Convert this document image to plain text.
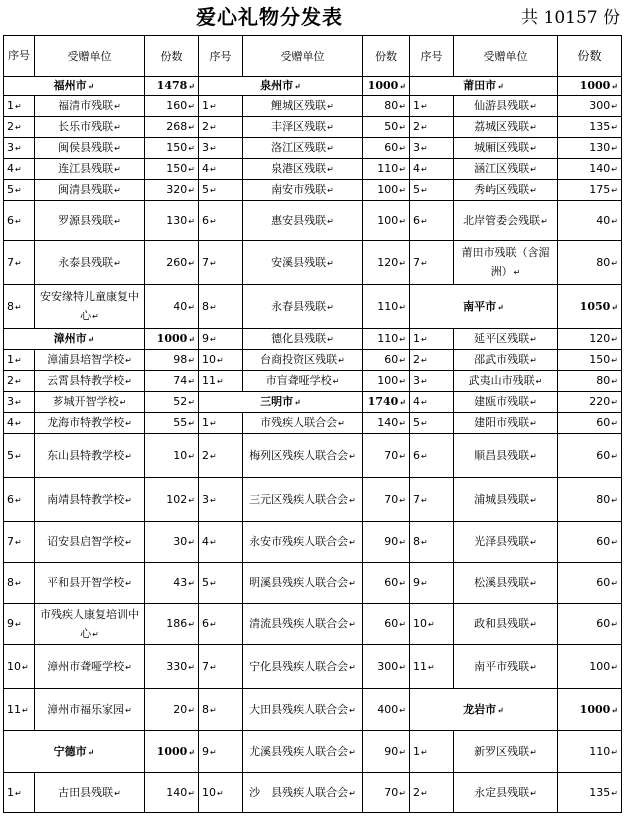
爱心礼物分发表	共 10157 份
序号	受赠单位	份数	序号	受赠单位	份数	序号	受赠单位	份数
福州市↵		1478↵	泉州市↵		1000↵	莆田市↵		1000↵
1↵	福清市残联↵	160↵	1↵	鲤城区残联↵	80↵	1↵	仙游县残联↵	300↵
2↵	长乐市残联↵	268↵	2↵	丰泽区残联↵	50↵	2↵	荔城区残联↵	135↵
3↵	闽侯县残联↵	150↵	3↵	洛江区残联↵	60↵	3↵	城厢区残联↵	130↵
4↵	连江县残联↵	150↵	4↵	泉港区残联↵	110↵	4↵	涵江区残联↵	140↵
5↵	闽清县残联↵	320↵	5↵	南安市残联↵	100↵	5↵	秀屿区残联↵	175↵
6↵	罗源县残联↵	130↵	6↵	惠安县残联↵	100↵	6↵	北岸管委会残联↵	40↵
7↵	永泰县残联↵	260↵	7↵	安溪县残联↵	120↵	7↵	莆田市残联（含湄洲）↵	80↵
8↵	安安缘特儿童康复中心↵	40↵	8↵	永春县残联↵	110↵	南平市↵		1050↵
漳州市↵		1000↵	9↵	德化县残联↵	110↵	1↵	延平区残联↵	120↵
1↵	漳浦县培智学校↵	98↵	10↵	台商投资区残联↵	60↵	2↵	邵武市残联↵	150↵
2↵	云霄县特教学校↵	74↵	11↵	市盲聋哑学校↵	100↵	3↵	武夷山市残联↵	80↵
3↵	芗城开智学校↵	52↵	三明市↵		1740↵	4↵	建瓯市残联↵	220↵
4↵	龙海市特教学校↵	55↵	1↵	市残疾人联合会↵	140↵	5↵	建阳市残联↵	60↵
5↵	东山县特教学校↵	10↵	2↵	梅列区残疾人联合会↵	70↵	6↵	顺昌县残联↵	60↵
6↵	南靖县特教学校↵	102↵	3↵	三元区残疾人联合会↵	70↵	7↵	浦城县残联↵	80↵
7↵	诏安县启智学校↵	30↵	4↵	永安市残疾人联合会↵	90↵	8↵	光泽县残联↵	60↵
8↵	平和县开智学校↵	43↵	5↵	明溪县残疾人联合会↵	60↵	9↵	松溪县残联↵	60↵
9↵	市残疾人康复培训中心↵	186↵	6↵	清流县残疾人联合会↵	60↵	10↵	政和县残联↵	60↵
10↵	漳州市聋哑学校↵	330↵	7↵	宁化县残疾人联合会↵	300↵	11↵	南平市残联↵	100↵
11↵	漳州市福乐家园↵	20↵	8↵	大田县残疾人联合会↵	400↵	龙岩市↵		1000↵
宁德市↵		1000↵	9↵	尤溪县残疾人联合会↵	90↵	1↵	新罗区残联↵	110↵
1↵	古田县残联↵	140↵	10↵	沙　县残疾人联合会↵	70↵	2↵	永定县残联↵	135↵
